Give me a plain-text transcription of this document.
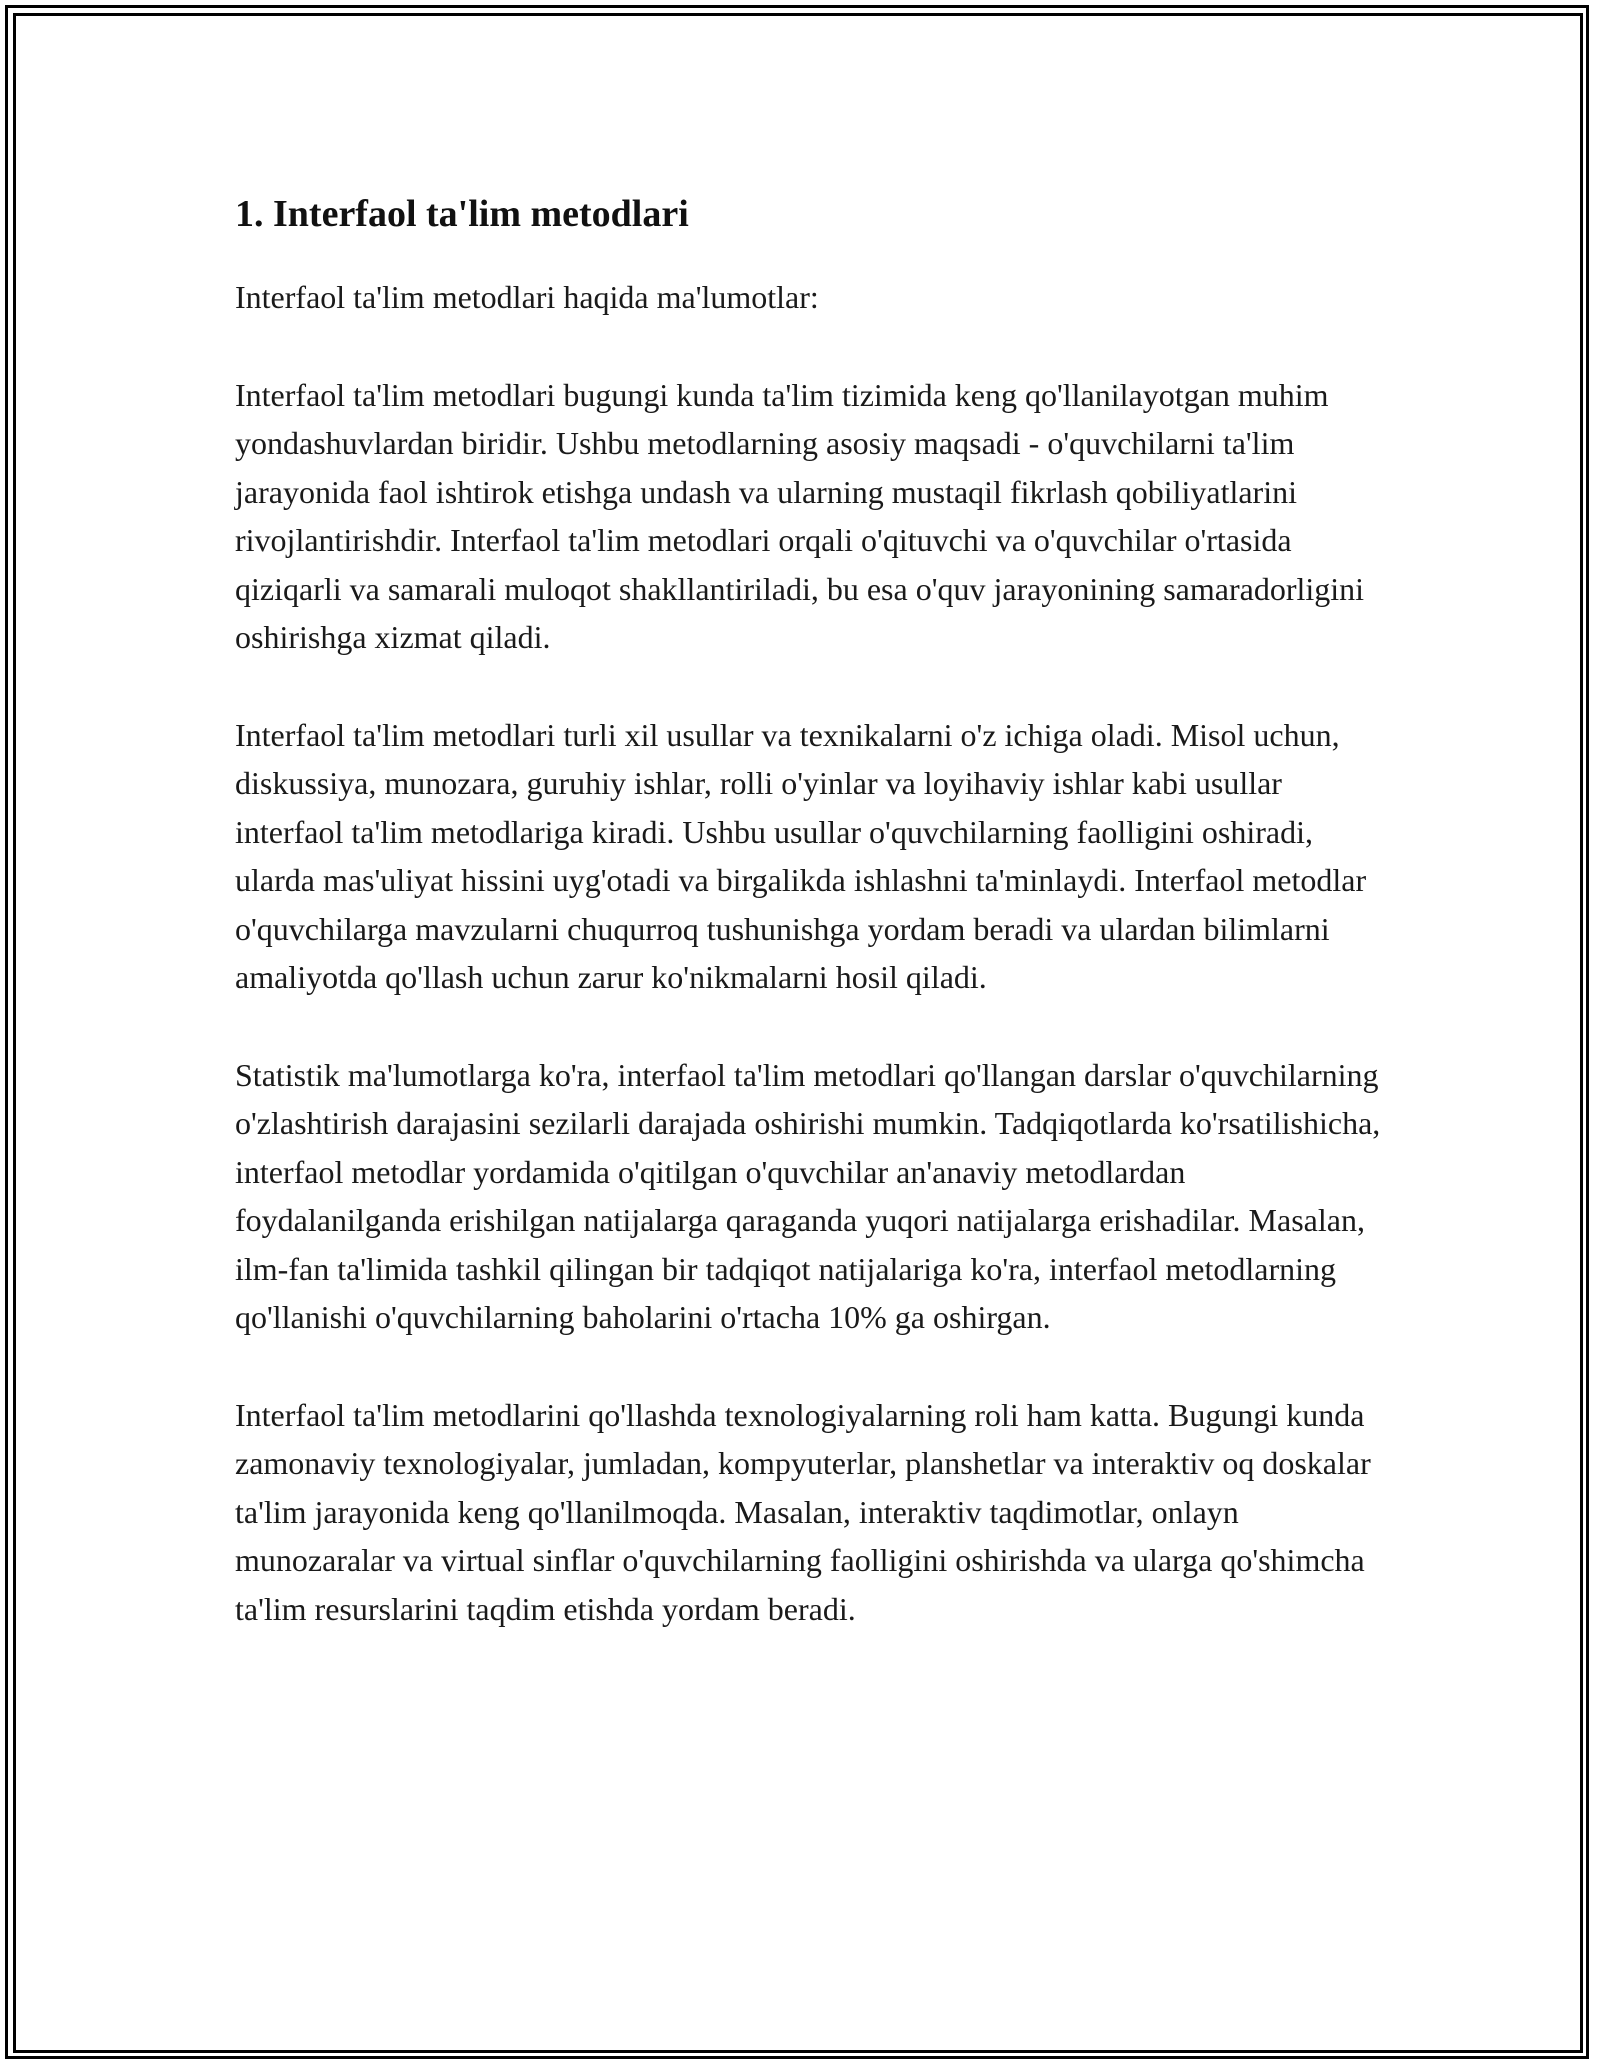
1. Interfaol ta'lim metodlari

Interfaol ta'lim metodlari haqida ma'lumotlar:

Interfaol ta'lim metodlari bugungi kunda ta'lim tizimida keng qo'llanilayotgan muhim yondashuvlardan biridir. Ushbu metodlarning asosiy maqsadi - o'quvchilarni ta'lim jarayonida faol ishtirok etishga undash va ularning mustaqil fikrlash qobiliyatlarini rivojlantirishdir. Interfaol ta'lim metodlari orqali o'qituvchi va o'quvchilar o'rtasida qiziqarli va samarali muloqot shakllantiriladi, bu esa o'quv jarayonining samaradorligini oshirishga xizmat qiladi.

Interfaol ta'lim metodlari turli xil usullar va texnikalarni o'z ichiga oladi. Misol uchun, diskussiya, munozara, guruhiy ishlar, rolli o'yinlar va loyihaviy ishlar kabi usullar interfaol ta'lim metodlariga kiradi. Ushbu usullar o'quvchilarning faolligini oshiradi, ularda mas'uliyat hissini uyg'otadi va birgalikda ishlashni ta'minlaydi. Interfaol metodlar o'quvchilarga mavzularni chuqurroq tushunishga yordam beradi va ulardan bilimlarni amaliyotda qo'llash uchun zarur ko'nikmalarni hosil qiladi.

Statistik ma'lumotlarga ko'ra, interfaol ta'lim metodlari qo'llangan darslar o'quvchilarning o'zlashtirish darajasini sezilarli darajada oshirishi mumkin. Tadqiqotlarda ko'rsatilishicha, interfaol metodlar yordamida o'qitilgan o'quvchilar an'anaviy metodlardan foydalanilganda erishilgan natijalarga qaraganda yuqori natijalarga erishadilar. Masalan, ilm-fan ta'limida tashkil qilingan bir tadqiqot natijalariga ko'ra, interfaol metodlarning qo'llanishi o'quvchilarning baholarini o'rtacha 10% ga oshirgan.

Interfaol ta'lim metodlarini qo'llashda texnologiyalarning roli ham katta. Bugungi kunda zamonaviy texnologiyalar, jumladan, kompyuterlar, planshetlar va interaktiv oq doskalar ta'lim jarayonida keng qo'llanilmoqda. Masalan, interaktiv taqdimotlar, onlayn munozaralar va virtual sinflar o'quvchilarning faolligini oshirishda va ularga qo'shimcha ta'lim resurslarini taqdim etishda yordam beradi.
